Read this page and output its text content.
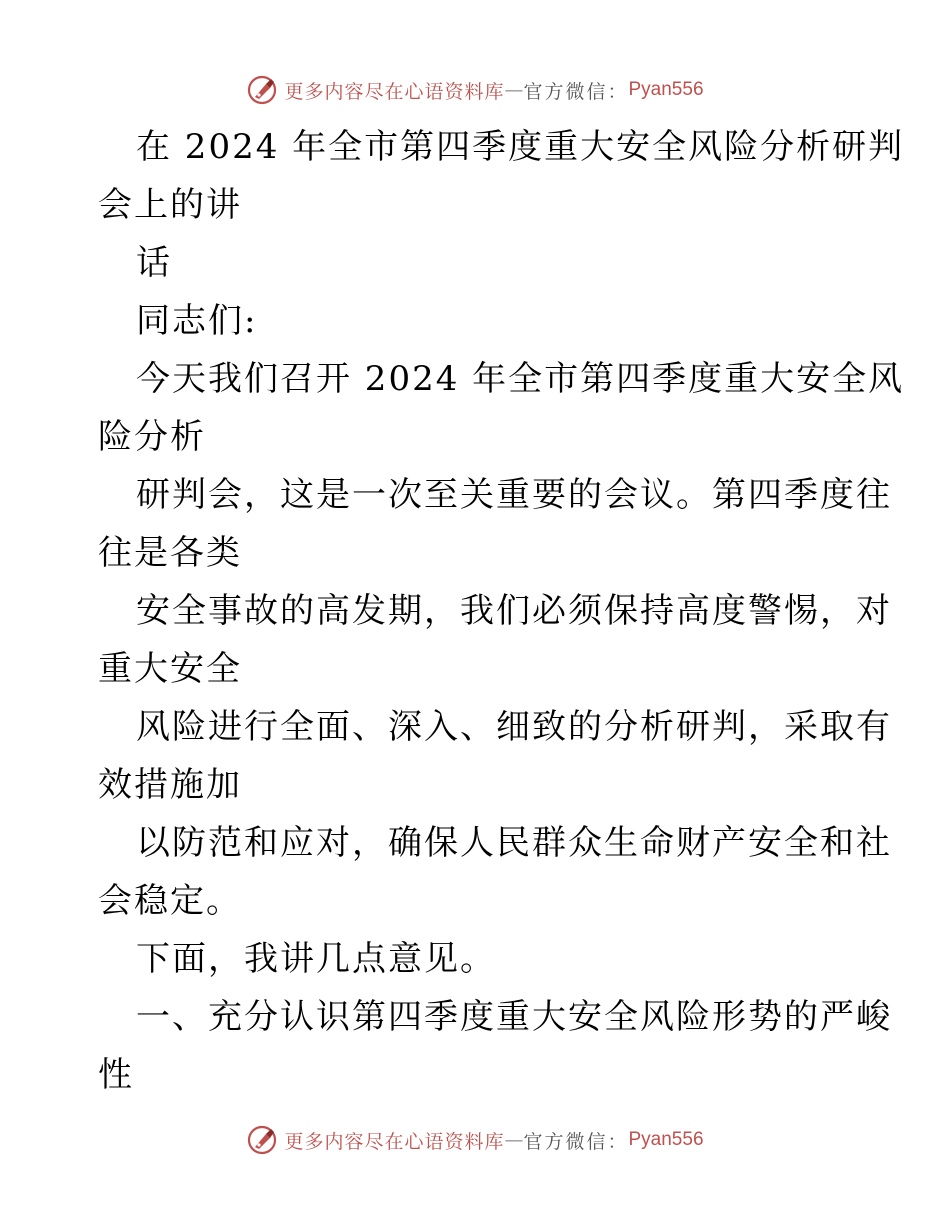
更多内容尽在心语资料库 — 官方微信： Pyan556
在 2024 年全市第四季度重大安全风险分析研判
会上的讲
话
同志们:
今天我们召开 2024 年全市第四季度重大安全风
险分析
研判会，这是一次至关重要的会议。第四季度往
往是各类
安全事故的高发期，我们必须保持高度警惕，对
重大安全
风险进行全面、深入、细致的分析研判，采取有
效措施加
以防范和应对，确保人民群众生命财产安全和社
会稳定。
下面，我讲几点意见。
一、充分认识第四季度重大安全风险形势的严峻
性
更多内容尽在心语资料库 — 官方微信： Pyan556
